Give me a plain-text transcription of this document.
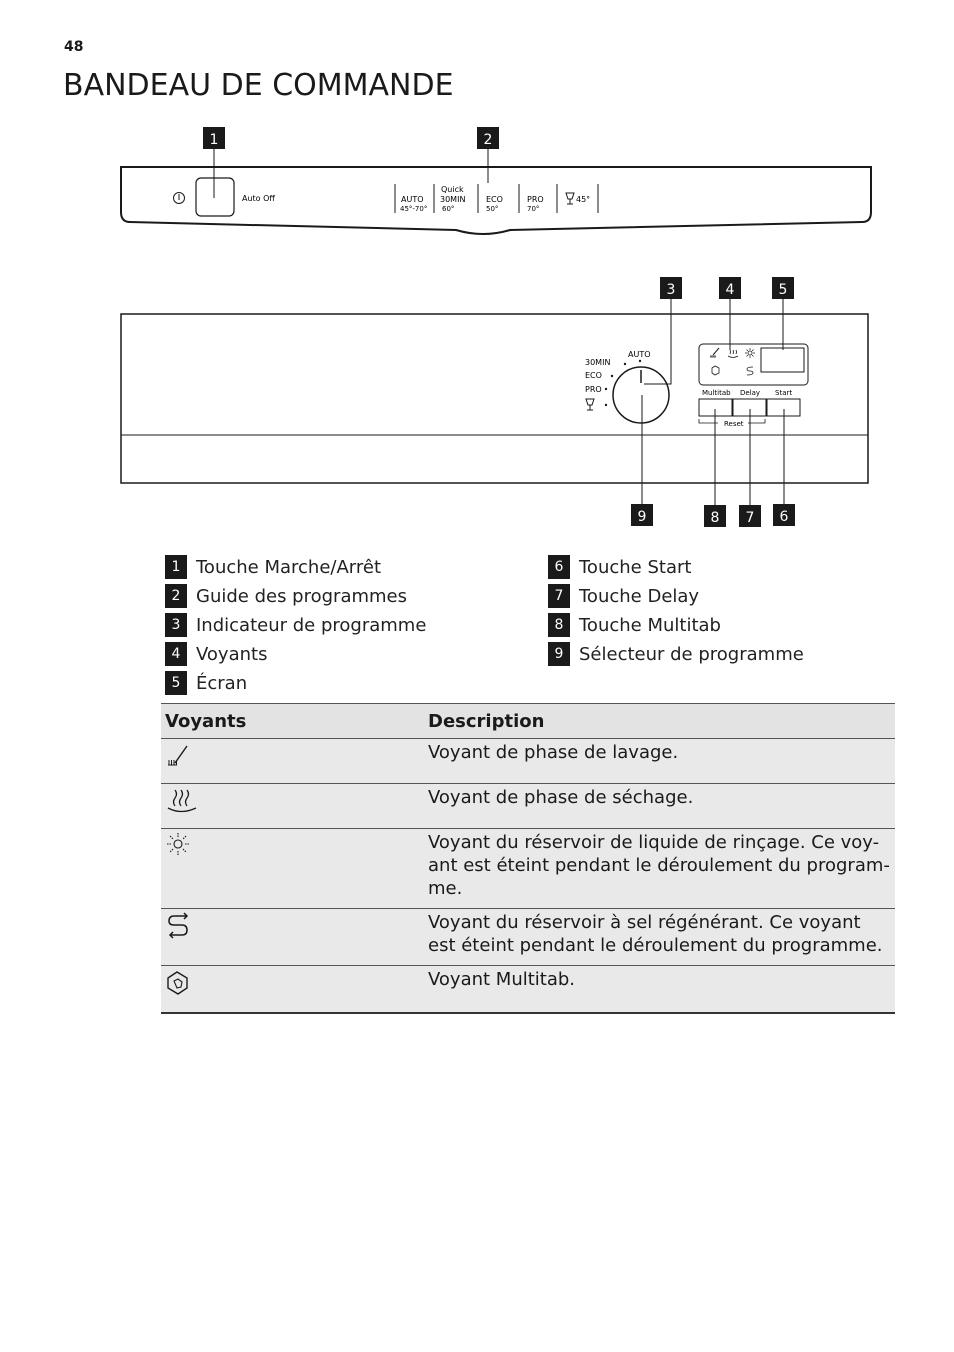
48
BANDEAU DE COMMANDE
1	2
Auto Off	AUTO
45°-70°
Quick
30MIN
60°
ECO
50°
PRO
70°
45°
AUTO
30MIN
ECO
PRO	Multitab Delay Start
Reset
3	4	5
9	8 7 6
1 Touche Marche/Arrêt
2 Guide des programmes
3 Indicateur de programme
4 Voyants
5 Écran
6 Touche Start
7 Touche Delay
8 Touche Multitab
9 Sélecteur de programme
Voyants	Description
	Voyant de phase de lavage.
	Voyant de phase de séchage.
	Voyant du réservoir de liquide de rinçage. Ce voy-ant est éteint pendant le déroulement du program-me.
	Voyant du réservoir à sel régénérant. Ce voyant est éteint pendant le déroulement du programme.
	Voyant Multitab.
